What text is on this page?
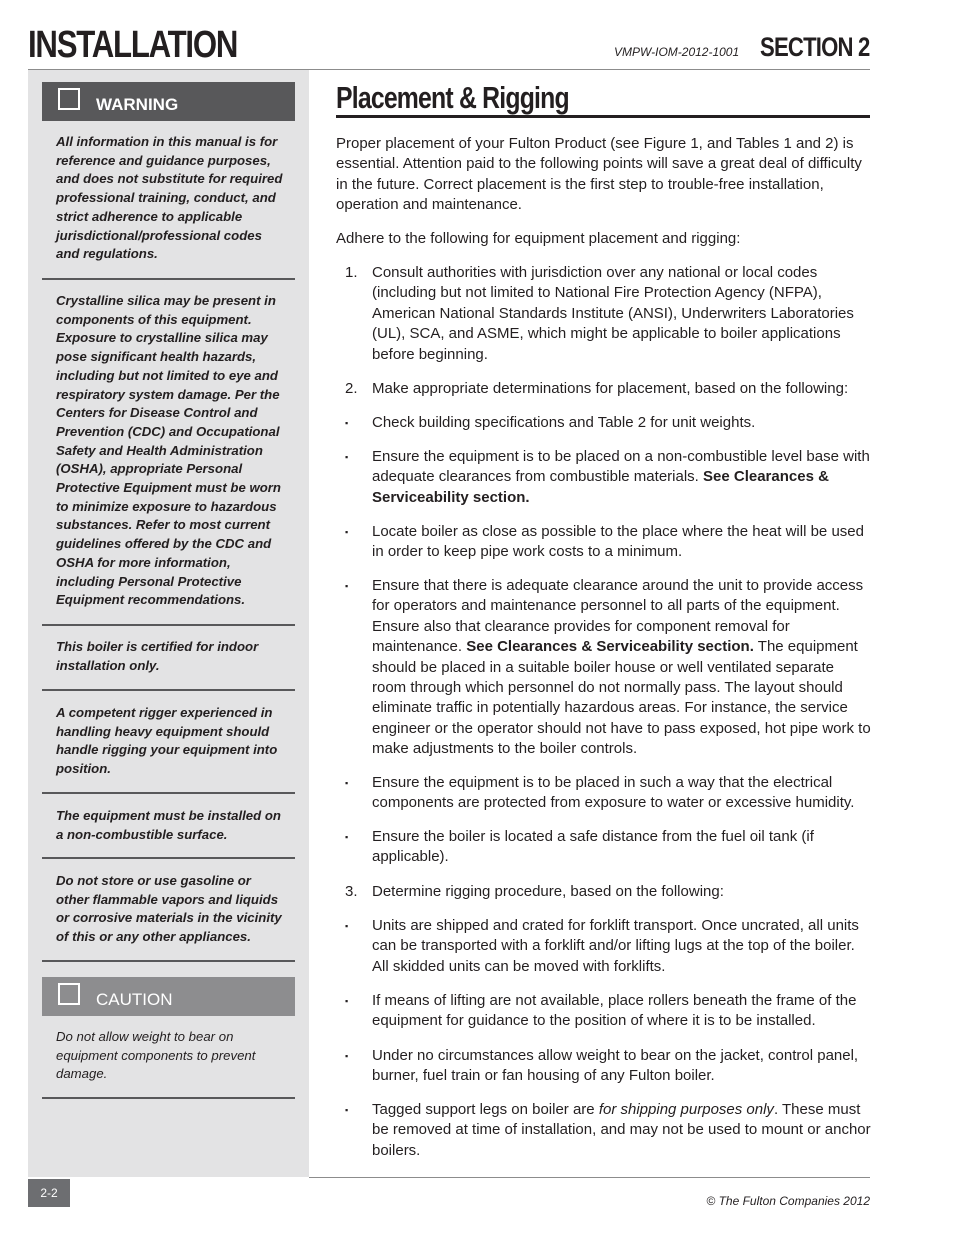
INSTALLATION	VMPW-IOM-2012-1001 SECTION 2
WARNING
All information in this manual is for reference and guidance purposes, and does not substitute for required professional training, conduct, and strict adherence to applicable jurisdictional/professional codes and regulations.
Crystalline silica may be present in components of this equipment. Exposure to crystalline silica may pose significant health hazards, including but not limited to eye and respiratory system damage. Per the Centers for Disease Control and Prevention (CDC) and Occupational Safety and Health Administration (OSHA), appropriate Personal Protective Equipment must be worn to minimize exposure to hazardous substances. Refer to most current guidelines offered by the CDC and OSHA for more information, including Personal Protective Equipment recommendations.
This boiler is certified for indoor installation only.
A competent rigger experienced in handling heavy equipment should handle rigging your equipment into position.
The equipment must be installed on a non-combustible surface.
Do not store or use gasoline or other flammable vapors and liquids or corrosive materials in the vicinity of this or any other appliances.
CAUTION
Do not allow weight to bear on equipment components to prevent damage.
2-2
Placement & Rigging
Proper placement of your Fulton Product (see Figure 1, and Tables 1 and 2) is essential. Attention paid to the following points will save a great deal of difficulty in the future. Correct placement is the first step to trouble-free installation, operation and maintenance.
Adhere to the following for equipment placement and rigging:
1. Consult authorities with jurisdiction over any national or local codes (including but not limited to National Fire Protection Agency (NFPA), American National Standards Institute (ANSI), Underwriters Laboratories (UL), SCA, and ASME, which might be applicable to boiler applications before beginning.
2. Make appropriate determinations for placement, based on the following:
▪	Check building specifications and Table 2 for unit weights.
▪	Ensure the equipment is to be placed on a non-combustible level base with adequate clearances from combustible materials. See Clearances & Serviceability section.
▪	Locate boiler as close as possible to the place where the heat will be used in order to keep pipe work costs to a minimum.
▪	Ensure that there is adequate clearance around the unit to provide access for operators and maintenance personnel to all parts of the equipment. Ensure also that clearance provides for component removal for maintenance. See Clearances & Serviceability section. The equipment should be placed in a suitable boiler house or well ventilated separate room through which personnel do not normally pass. The layout should eliminate traffic in potentially hazardous areas. For instance, the service engineer or the operator should not have to pass exposed, hot pipe work to make adjustments to the boiler controls.
▪	Ensure the equipment is to be placed in such a way that the electrical components are protected from exposure to water or excessive humidity.
▪	Ensure the boiler is located a safe distance from the fuel oil tank (if applicable).
3. Determine rigging procedure, based on the following:
▪	Units are shipped and crated for forklift transport. Once uncrated, all units can be transported with a forklift and/or lifting lugs at the top of the boiler. All skidded units can be moved with forklifts.
▪	If means of lifting are not available, place rollers beneath the frame of the equipment for guidance to the position of where it is to be installed.
▪	Under no circumstances allow weight to bear on the jacket, control panel, burner, fuel train or fan housing of any Fulton boiler.
▪	Tagged support legs on boiler are for shipping purposes only. These must be removed at time of installation, and may not be used to mount or anchor boilers.
© The Fulton Companies 2012
